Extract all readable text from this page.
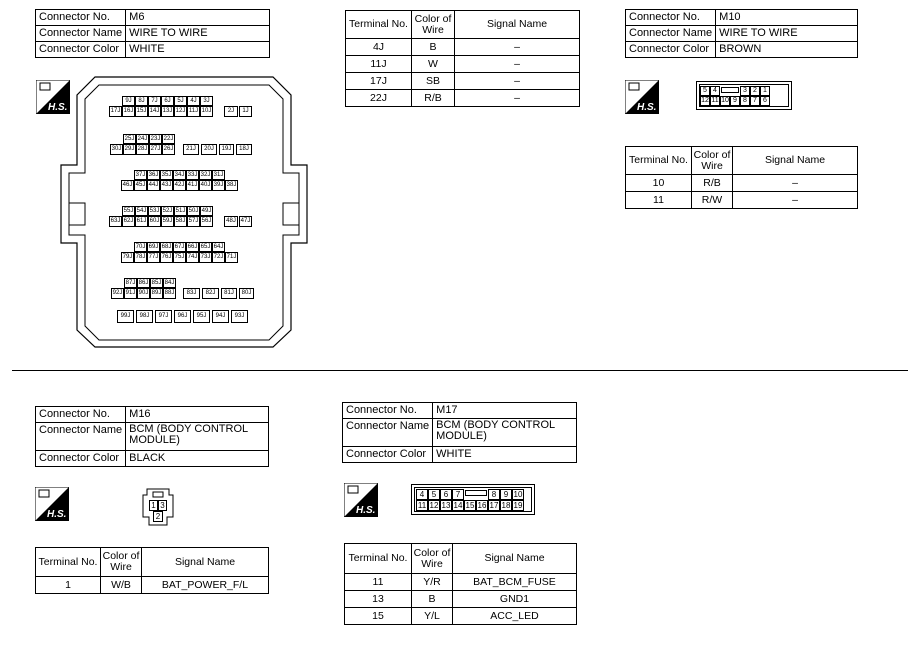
Connector No.	M6
Connector Name	WIRE TO WIRE
Connector Color	WHITE
H.S.
9J	8J	7J	6J	5J	4J	3J
17J 16J 15J 14J 13J 12J 11J 10J	2J	1J
25J 24J 23J 22J
30J 29J 28J 27J 26J	21J	20J	19J	18J
37J 36J 35J 34J 33J 32J 31J
46J 45J 44J 43J 42J 41J 40J 39J 38J
55J 54J 53J 52J 51J 50J 49J
63J 62J 61J 60J 59J 58J 57J 56J	48J 47J
70J 69J 68J 67J 66J 65J 64J
79J 78J 77J 76J 75J 74J 73J 72J 71J
87J 86J 85J 84J
92J 91J 90J 89J 88J	83J	82J	81J	80J
99J	98J	97J	96J	95J	94J	93J
Terminal No.	Color of
Wire	Signal Name
4J	B	–
11J	W	–
17J	SB	–
22J	R/B	–
Connector No.	M10
Connector Name	WIRE TO WIRE
Connector Color	BROWN
H.S.
5 4	3 2 1
12 11 10 9 8 7 6
Terminal No.	Color of
Wire	Signal Name
10	R/B	–
11	R/W	–
Connector No.	M16
Connector Name	BCM (BODY CONTROL MODULE)
Connector Color	BLACK
H.S.
1 3
2
Terminal No.	Color of
Wire	Signal Name
1	W/B	BAT_POWER_F/L
Connector No.	M17
Connector Name	BCM (BODY CONTROL MODULE)
Connector Color	WHITE
H.S.
4 5 6 7	8 9 10
11 12 13 14 15 16 17 18 19
Terminal No.	Color of
Wire	Signal Name
11	Y/R	BAT_BCM_FUSE
13	B	GND1
15	Y/L	ACC_LED
